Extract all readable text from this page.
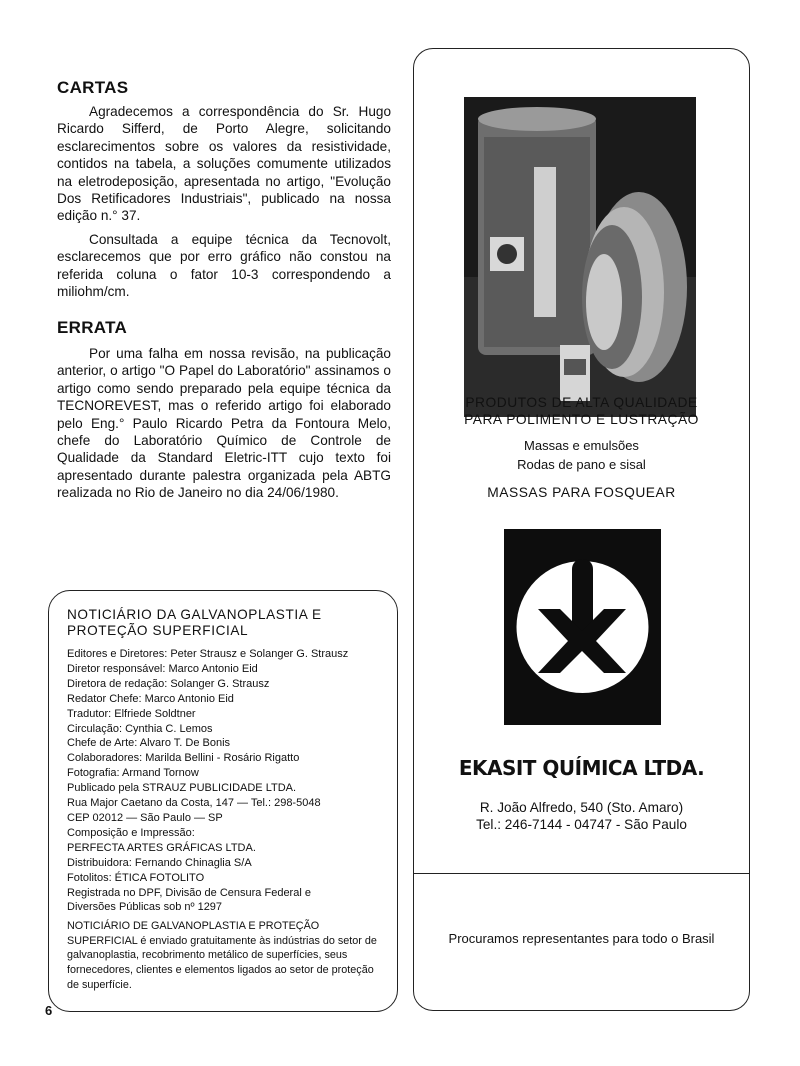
CARTAS

Agradecemos a correspondência do Sr. Hugo Ricardo Sifferd, de Porto Alegre, solicitando esclarecimentos sobre os valores da resistividade, contidos na tabela, a soluções comumente utilizados na eletrodeposição, apresentada no artigo, "Evolução Dos Retificadores Industriais", publicado na nossa edição n.° 37.

Consultada a equipe técnica da Tecnovolt, esclarecemos que por erro gráfico não constou na referida coluna o fator 10-3 correspondendo a miliohm/cm.

ERRATA

Por uma falha em nossa revisão, na publicação anterior, o artigo "O Papel do Laboratório" assinamos o artigo como sendo preparado pela equipe técnica da TECNOREVEST, mas o referido artigo foi elaborado pelo Eng.° Paulo Ricardo Petra da Fontoura Melo, chefe do Laboratório Químico de Controle de Qualidade da Standard Eletric-ITT cujo texto foi apresentado durante palestra organizada pela ABTG realizada no Rio de Janeiro no dia 24/06/1980.

NOTICIÁRIO DA GALVANOPLASTIA E
PROTEÇÃO SUPERFICIAL
Editores e Diretores: Peter Strausz e Solanger G. Strausz
Diretor responsável: Marco Antonio Eid
Diretora de redação: Solanger G. Strausz
Redator Chefe: Marco Antonio Eid
Tradutor: Elfriede Soldtner
Circulação: Cynthia C. Lemos
Chefe de Arte: Alvaro T. De Bonis
Colaboradores: Marilda Bellini - Rosário Rigatto
Fotografia: Armand Tornow
Publicado pela STRAUZ PUBLICIDADE LTDA.
Rua Major Caetano da Costa, 147 — Tel.: 298-5048
CEP 02012 — São Paulo — SP
Composição e Impressão:
PERFECTA ARTES GRÁFICAS LTDA.
Distribuidora: Fernando Chinaglia S/A
Fotolitos: ÉTICA FOTOLITO
Registrada no DPF, Divisão de Censura Federal e
Diversões Públicas sob nº 1297
NOTICIÁRIO DE GALVANOPLASTIA E PROTEÇÃO SUPERFICIAL é enviado gratuitamente às indústrias do setor de galvanoplastia, recobrimento metálico de superfícies, seus fornecedores, clientes e elementos ligados ao setor de proteção de superfície.
6
PRODUTOS DE ALTA QUALIDADE
PARA POLIMENTO E LUSTRAÇÃO
Massas e emulsões
Rodas de pano e sisal
MASSAS PARA FOSQUEAR
EKASIT QUÍMICA LTDA.
R. João Alfredo, 540 (Sto. Amaro)
Tel.: 246-7144 - 04747 - São Paulo
Procuramos representantes para todo o Brasil
